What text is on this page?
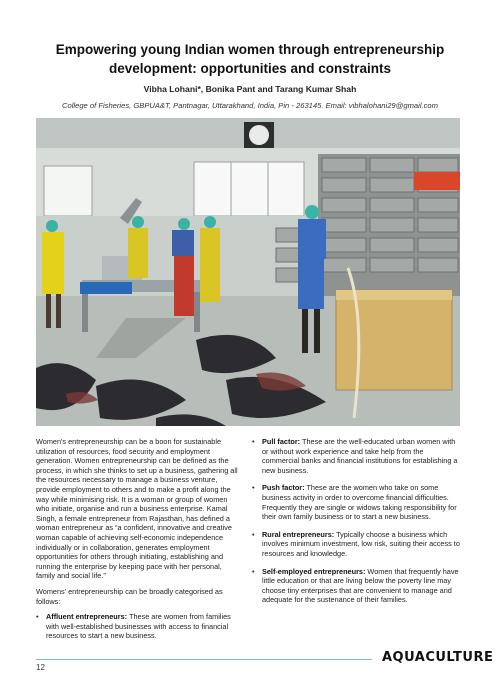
Empowering young Indian women through entrepreneurship development: opportunities and constraints
Vibha Lohani*, Bonika Pant and Tarang Kumar Shah
College of Fisheries, GBPUA&T, Pantnagar, Uttarakhand, India, Pin - 263145. Email: vibhalohani29@gmail.com

Women's entrepreneurship can be a boon for sustainable utilization of resources, food security and employment generation. Women entrepreneurship can be defined as the process, in which she thinks to set up a business, gathering all the resources necessary to manage a business venture, provide employment to others and to make a profit along the way while minimising risk. It is a woman or group of women who initiate, organise and run a business enterprise. Kamal Singh, a female entrepreneur from Rajasthan, has defined a woman entrepreneur as “a confident, innovative and creative woman capable of achieving self-economic independence individually or in collaboration, generates employment opportunities for others through initiating, establishing and running the enterprise by keeping pace with her personal, family and social life.”

Womens' entrepreneurship can be broadly categorised as follows:

• Affluent entrepreneurs: These are women from families with well-established businesses with access to financial resources to start a new business.
• Pull factor: These are the well-educated urban women with or without work experience and take help from the commercial banks and financial institutions for establishing a new business.
• Push factor: These are the women who take on some business activity in order to overcome financial difficulties. Frequently they are single or widows taking responsibility for their own family business or to start a new business.
• Rural entrepreneurs: Typically choose a business which involves minimum investment, low risk, suiting their access to resources and knowledge.
• Self-employed entrepreneurs: Women that frequently have little education or that are living below the poverty line may choose tiny enterprises that are convenient to manage and adequate for the sustenance of their families.
12
AQUACULTURE
